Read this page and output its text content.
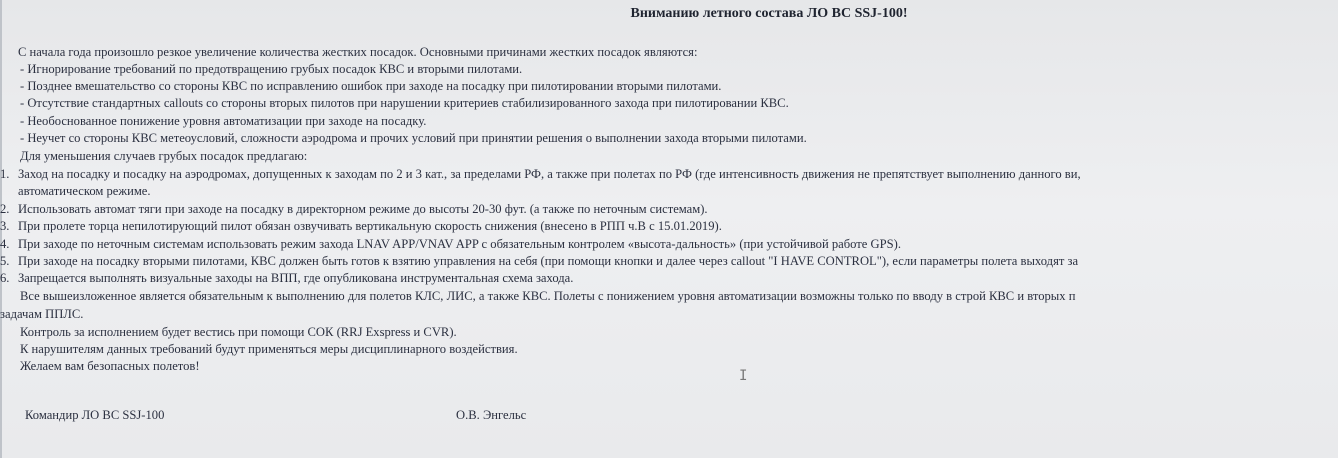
Вниманию летного состава ЛО ВС SSJ-100!
С начала года произошло резкое увеличение количества жестких посадок. Основными причинами жестких посадок являются:
- Игнорирование требований по предотвращению грубых посадок КВС и вторыми пилотами.
- Позднее вмешательство со стороны КВС по исправлению ошибок при заходе на посадку при пилотировании вторыми пилотами.
- Отсутствие стандартных callouts со стороны вторых пилотов при нарушении критериев стабилизированного захода при пилотировании КВС.
- Необоснованное понижение уровня автоматизации при заходе на посадку.
- Неучет со стороны КВС метеоусловий, сложности аэродрома и прочих условий при принятии решения о выполнении захода вторыми пилотами.
Для уменьшения случаев грубых посадок предлагаю:
1. Заход на посадку и посадку на аэродромах, допущенных к заходам по 2 и 3 кат., за пределами РФ, а также при полетах по РФ (где интенсивность движения не препятствует выполнению данного ви,
автоматическом режиме.
2. Использовать автомат тяги при заходе на посадку в директорном режиме до высоты 20-30 фут. (а также по неточным системам).
3. При пролете торца непилотирующий пилот обязан озвучивать вертикальную скорость снижения (внесено в РПП ч.В с 15.01.2019).
4. При заходе по неточным системам использовать режим захода LNAV APP/VNAV APP с обязательным контролем «высота-дальность» (при устойчивой работе GPS).
5. При заходе на посадку вторыми пилотами, КВС должен быть готов к взятию управления на себя (при помощи кнопки и далее через callout "I HAVE CONTROL"), если параметры полета выходят за
6. Запрещается выполнять визуальные заходы на ВПП, где опубликована инструментальная схема захода.
Все вышеизложенное является обязательным к выполнению для полетов КЛС, ЛИС, а также КВС. Полеты с понижением уровня автоматизации возможны только по вводу в строй КВС и вторых п
задачам ППЛС.
Контроль за исполнением будет вестись при помощи СОК (RRJ Exspress и CVR).
К нарушителям данных требований будут применяться меры дисциплинарного воздействия.
Желаем вам безопасных полетов!
I
Командир ЛО ВС SSJ-100	О.В. Энгельс
